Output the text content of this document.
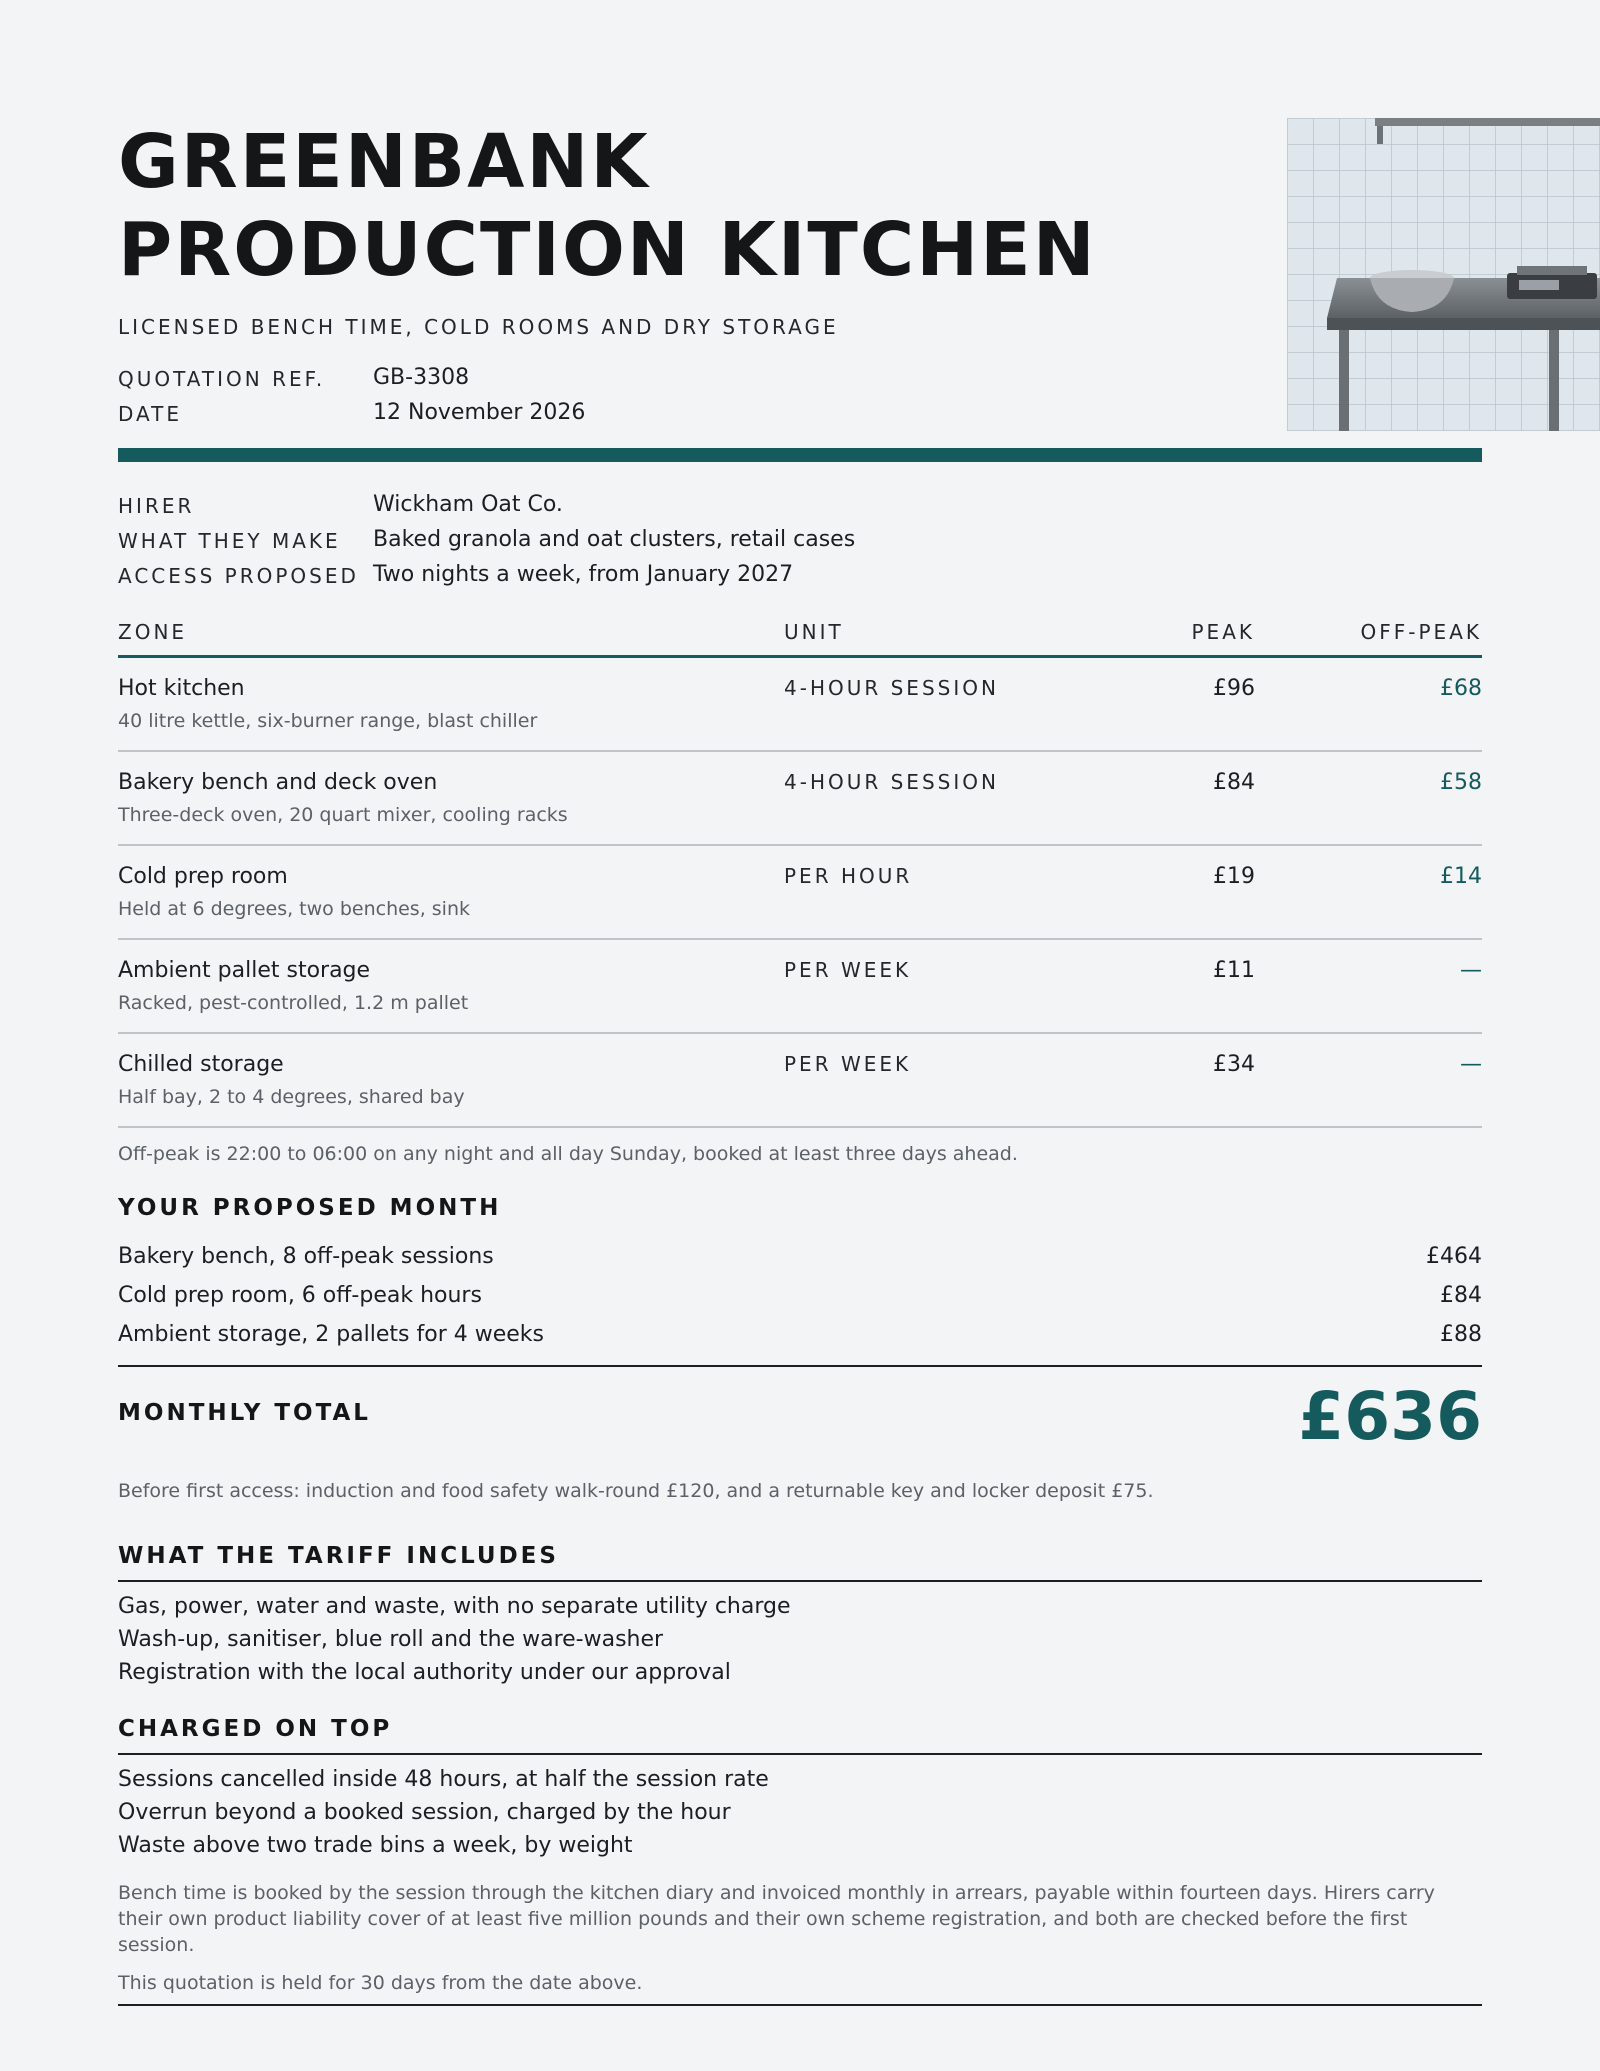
GREENBANK
PRODUCTION KITCHEN
LICENSED BENCH TIME, COLD ROOMS AND DRY STORAGE
QUOTATION REF. GB-3308
DATE	12 November 2026
HIRER	Wickham Oat Co.
WHAT THEY MAKE Baked granola and oat clusters, retail cases
ACCESS PROPOSED Two nights a week, from January 2027
ZONE	UNIT	PEAK	OFF-PEAK
Hot kitchen
40 litre kettle, six-burner range, blast chiller
4-HOUR SESSION	£96	£68
Bakery bench and deck oven
Three-deck oven, 20 quart mixer, cooling racks
4-HOUR SESSION	£84	£58
Cold prep room
Held at 6 degrees, two benches, sink
PER HOUR	£19	£14
Ambient pallet storage
Racked, pest-controlled, 1.2 m pallet
PER WEEK	£11	—
Chilled storage
Half bay, 2 to 4 degrees, shared bay
PER WEEK	£34	—
Off-peak is 22:00 to 06:00 on any night and all day Sunday, booked at least three days ahead.
YOUR PROPOSED MONTH
Bakery bench, 8 off-peak sessions	£464
Cold prep room, 6 off-peak hours	£84
Ambient storage, 2 pallets for 4 weeks	£88
MONTHLY TOTAL	£636
Before first access: induction and food safety walk-round £120, and a returnable key and locker deposit £75.
WHAT THE TARIFF INCLUDES
Gas, power, water and waste, with no separate utility charge
Wash-up, sanitiser, blue roll and the ware-washer
Registration with the local authority under our approval
CHARGED ON TOP
Sessions cancelled inside 48 hours, at half the session rate
Overrun beyond a booked session, charged by the hour
Waste above two trade bins a week, by weight
Bench time is booked by the session through the kitchen diary and invoiced monthly in arrears, payable within fourteen days. Hirers carry their own product liability cover of at least five million pounds and their own scheme registration, and both are checked before the first session.
This quotation is held for 30 days from the date above.
